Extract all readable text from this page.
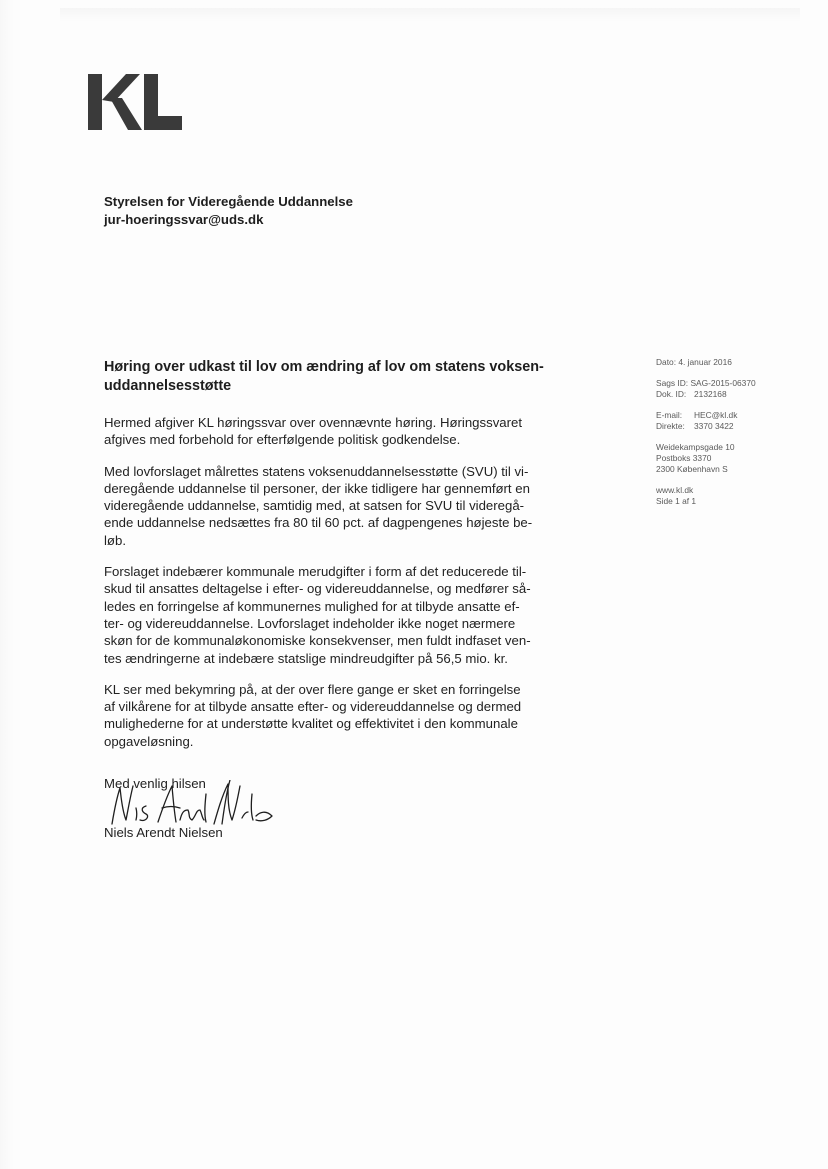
Styrelsen for Videregående Uddannelse
jur-hoeringssvar@uds.dk
Høring over udkast til lov om ændring af lov om statens voksen-
uddannelsesstøtte

Hermed afgiver KL høringssvar over ovennævnte høring. Høringssvaret
afgives med forbehold for efterfølgende politisk godkendelse.

Med lovforslaget målrettes statens voksenuddannelsesstøtte (SVU) til vi-
deregående uddannelse til personer, der ikke tidligere har gennemført en
videregående uddannelse, samtidig med, at satsen for SVU til videregå-
ende uddannelse nedsættes fra 80 til 60 pct. af dagpengenes højeste be-
løb.

Forslaget indebærer kommunale merudgifter i form af det reducerede til-
skud til ansattes deltagelse i efter- og videreuddannelse, og medfører så-
ledes en forringelse af kommunernes mulighed for at tilbyde ansatte ef-
ter- og videreuddannelse. Lovforslaget indeholder ikke noget nærmere
skøn for de kommunaløkonomiske konsekvenser, men fuldt indfaset ven-
tes ændringerne at indebære statslige mindreudgifter på 56,5 mio. kr.

KL ser med bekymring på, at der over flere gange er sket en forringelse
af vilkårene for at tilbyde ansatte efter- og videreuddannelse og dermed
mulighederne for at understøtte kvalitet og effektivitet i den kommunale
opgaveløsning.

Med venlig hilsen
Niels Arendt Nielsen
Dato: 4. januar 2016
Sags ID: SAG-2015-06370
Dok. ID: 2132168
E-mail: HEC@kl.dk
Direkte: 3370 3422
Weidekampsgade 10
Postboks 3370
2300 København S
www.kl.dk
Side 1 af 1
